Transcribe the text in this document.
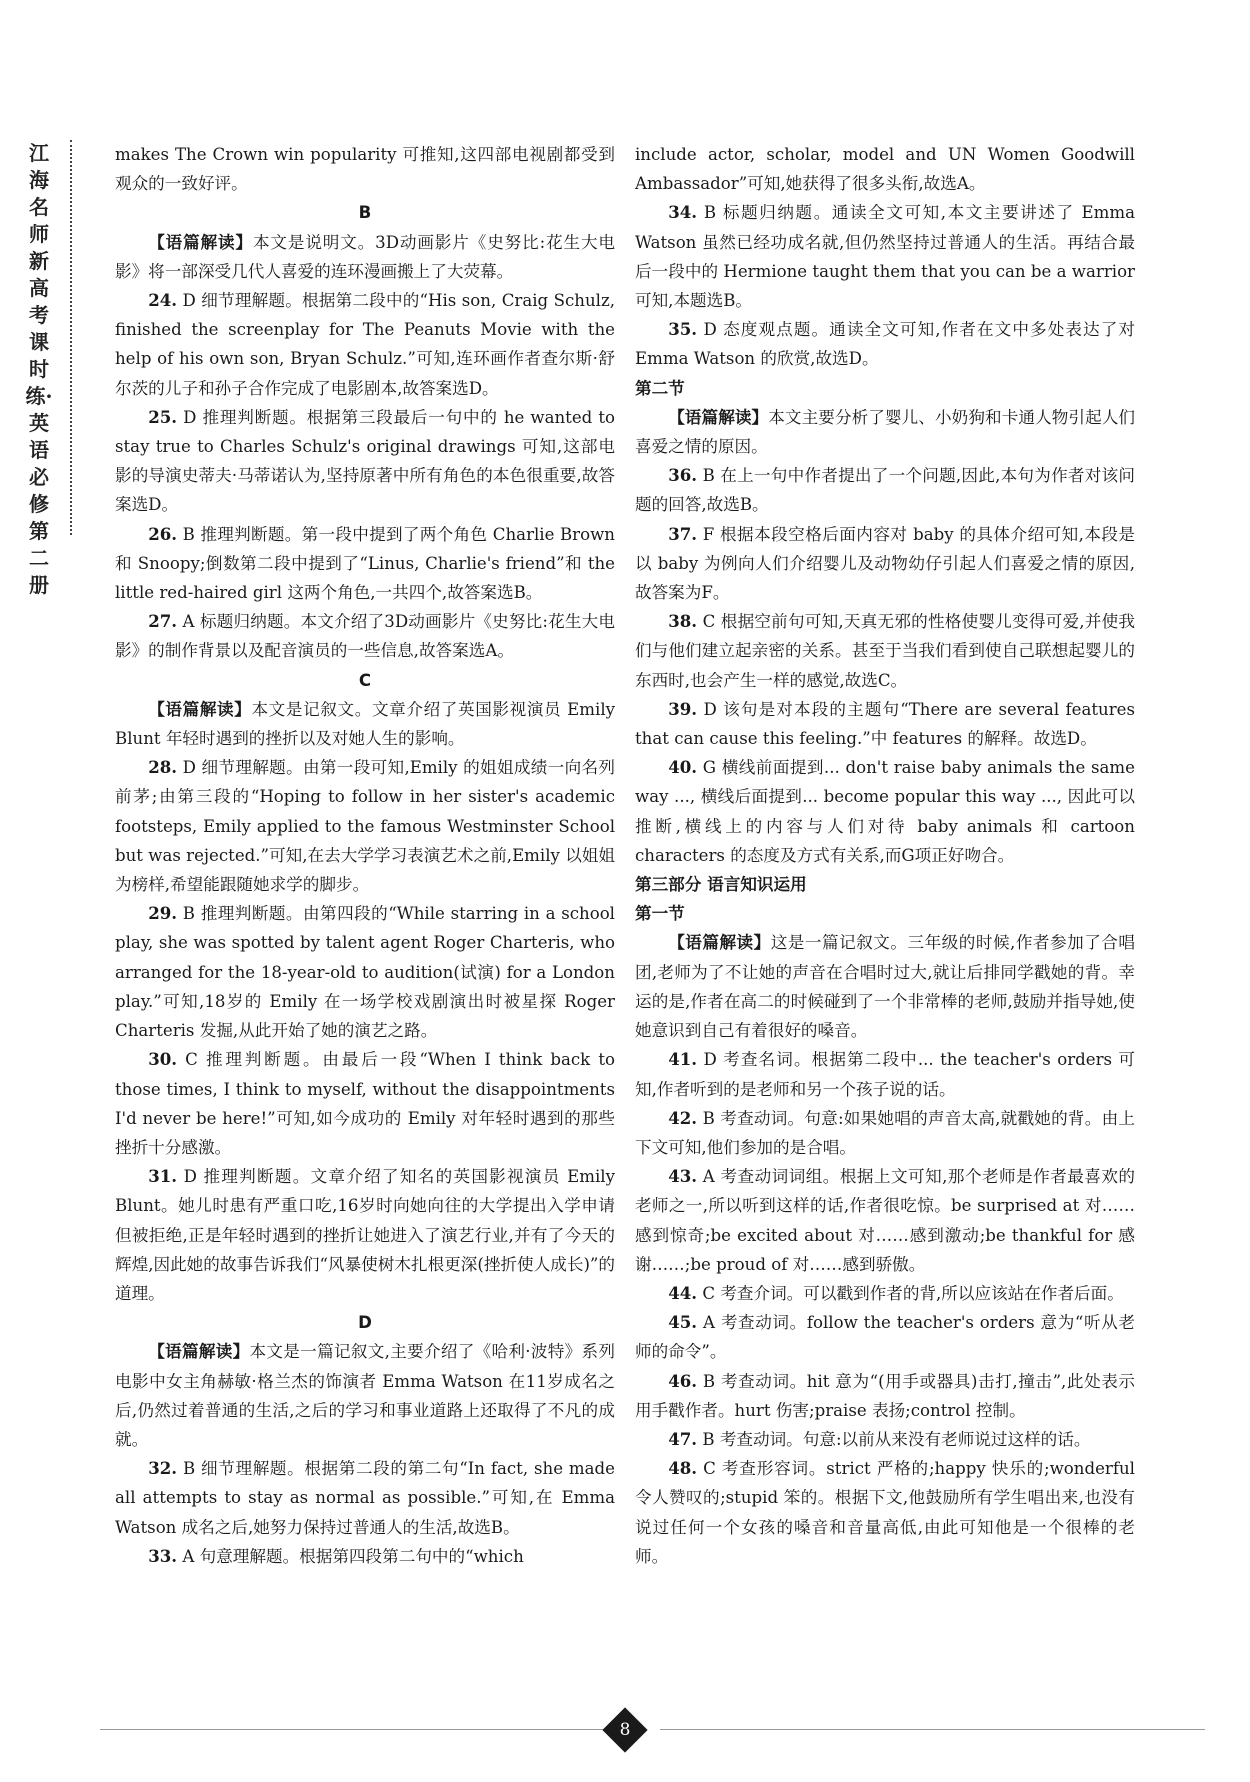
江海名师新高考课时练·英语必修第二册

makes The Crown win popularity 可推知,这四部电视剧都受到观众的一致好评。

B

【语篇解读】本文是说明文。3D动画影片《史努比:花生大电影》将一部深受几代人喜爱的连环漫画搬上了大荧幕。

24. D 细节理解题。根据第二段中的“His son, Craig Schulz, finished the screenplay for The Peanuts Movie with the help of his own son, Bryan Schulz.”可知,连环画作者查尔斯·舒尔茨的儿子和孙子合作完成了电影剧本,故答案选D。

25. D 推理判断题。根据第三段最后一句中的 he wanted to stay true to Charles Schulz's original drawings 可知,这部电影的导演史蒂夫·马蒂诺认为,坚持原著中所有角色的本色很重要,故答案选D。

26. B 推理判断题。第一段中提到了两个角色 Charlie Brown 和 Snoopy;倒数第二段中提到了“Linus, Charlie's friend”和 the little red-haired girl 这两个角色,一共四个,故答案选B。

27. A 标题归纳题。本文介绍了3D动画影片《史努比:花生大电影》的制作背景以及配音演员的一些信息,故答案选A。

C

【语篇解读】本文是记叙文。文章介绍了英国影视演员 Emily Blunt 年轻时遇到的挫折以及对她人生的影响。

28. D 细节理解题。由第一段可知,Emily 的姐姐成绩一向名列前茅;由第三段的“Hoping to follow in her sister's academic footsteps, Emily applied to the famous Westminster School but was rejected.”可知,在去大学学习表演艺术之前,Emily 以姐姐为榜样,希望能跟随她求学的脚步。

29. B 推理判断题。由第四段的“While starring in a school play, she was spotted by talent agent Roger Charteris, who arranged for the 18-year-old to audition(试演) for a London play.”可知,18岁的 Emily 在一场学校戏剧演出时被星探 Roger Charteris 发掘,从此开始了她的演艺之路。

30. C 推理判断题。由最后一段“When I think back to those times, I think to myself, without the disappointments I'd never be here!”可知,如今成功的 Emily 对年轻时遇到的那些挫折十分感激。

31. D 推理判断题。文章介绍了知名的英国影视演员 Emily Blunt。她儿时患有严重口吃,16岁时向她向往的大学提出入学申请但被拒绝,正是年轻时遇到的挫折让她进入了演艺行业,并有了今天的辉煌,因此她的故事告诉我们“风暴使树木扎根更深(挫折使人成长)”的道理。

D

【语篇解读】本文是一篇记叙文,主要介绍了《哈利·波特》系列电影中女主角赫敏·格兰杰的饰演者 Emma Watson 在11岁成名之后,仍然过着普通的生活,之后的学习和事业道路上还取得了不凡的成就。

32. B 细节理解题。根据第二段的第二句“In fact, she made all attempts to stay as normal as possible.”可知,在 Emma Watson 成名之后,她努力保持过普通人的生活,故选B。

33. A 句意理解题。根据第四段第二句中的“which

include actor, scholar, model and UN Women Goodwill Ambassador”可知,她获得了很多头衔,故选A。

34. B 标题归纳题。通读全文可知,本文主要讲述了 Emma Watson 虽然已经功成名就,但仍然坚持过普通人的生活。再结合最后一段中的 Hermione taught them that you can be a warrior 可知,本题选B。

35. D 态度观点题。通读全文可知,作者在文中多处表达了对 Emma Watson 的欣赏,故选D。

第二节

【语篇解读】本文主要分析了婴儿、小奶狗和卡通人物引起人们喜爱之情的原因。

36. B 在上一句中作者提出了一个问题,因此,本句为作者对该问题的回答,故选B。

37. F 根据本段空格后面内容对 baby 的具体介绍可知,本段是以 baby 为例向人们介绍婴儿及动物幼仔引起人们喜爱之情的原因,故答案为F。

38. C 根据空前句可知,天真无邪的性格使婴儿变得可爱,并使我们与他们建立起亲密的关系。甚至于当我们看到使自己联想起婴儿的东西时,也会产生一样的感觉,故选C。

39. D 该句是对本段的主题句“There are several features that can cause this feeling.”中 features 的解释。故选D。

40. G 横线前面提到... don't raise baby animals the same way ..., 横线后面提到... become popular this way ..., 因此可以推断,横线上的内容与人们对待 baby animals 和 cartoon characters 的态度及方式有关系,而G项正好吻合。

第三部分 语言知识运用

第一节

【语篇解读】这是一篇记叙文。三年级的时候,作者参加了合唱团,老师为了不让她的声音在合唱时过大,就让后排同学戳她的背。幸运的是,作者在高二的时候碰到了一个非常棒的老师,鼓励并指导她,使她意识到自己有着很好的嗓音。

41. D 考查名词。根据第二段中... the teacher's orders 可知,作者听到的是老师和另一个孩子说的话。

42. B 考查动词。句意:如果她唱的声音太高,就戳她的背。由上下文可知,他们参加的是合唱。

43. A 考查动词词组。根据上文可知,那个老师是作者最喜欢的老师之一,所以听到这样的话,作者很吃惊。be surprised at 对……感到惊奇;be excited about 对……感到激动;be thankful for 感谢……;be proud of 对……感到骄傲。

44. C 考查介词。可以戳到作者的背,所以应该站在作者后面。

45. A 考查动词。follow the teacher's orders 意为“听从老师的命令”。

46. B 考查动词。hit 意为“(用手或器具)击打,撞击”,此处表示用手戳作者。hurt 伤害;praise 表扬;control 控制。

47. B 考查动词。句意:以前从来没有老师说过这样的话。

48. C 考查形容词。strict 严格的;happy 快乐的;wonderful 令人赞叹的;stupid 笨的。根据下文,他鼓励所有学生唱出来,也没有说过任何一个女孩的嗓音和音量高低,由此可知他是一个很棒的老师。

8
